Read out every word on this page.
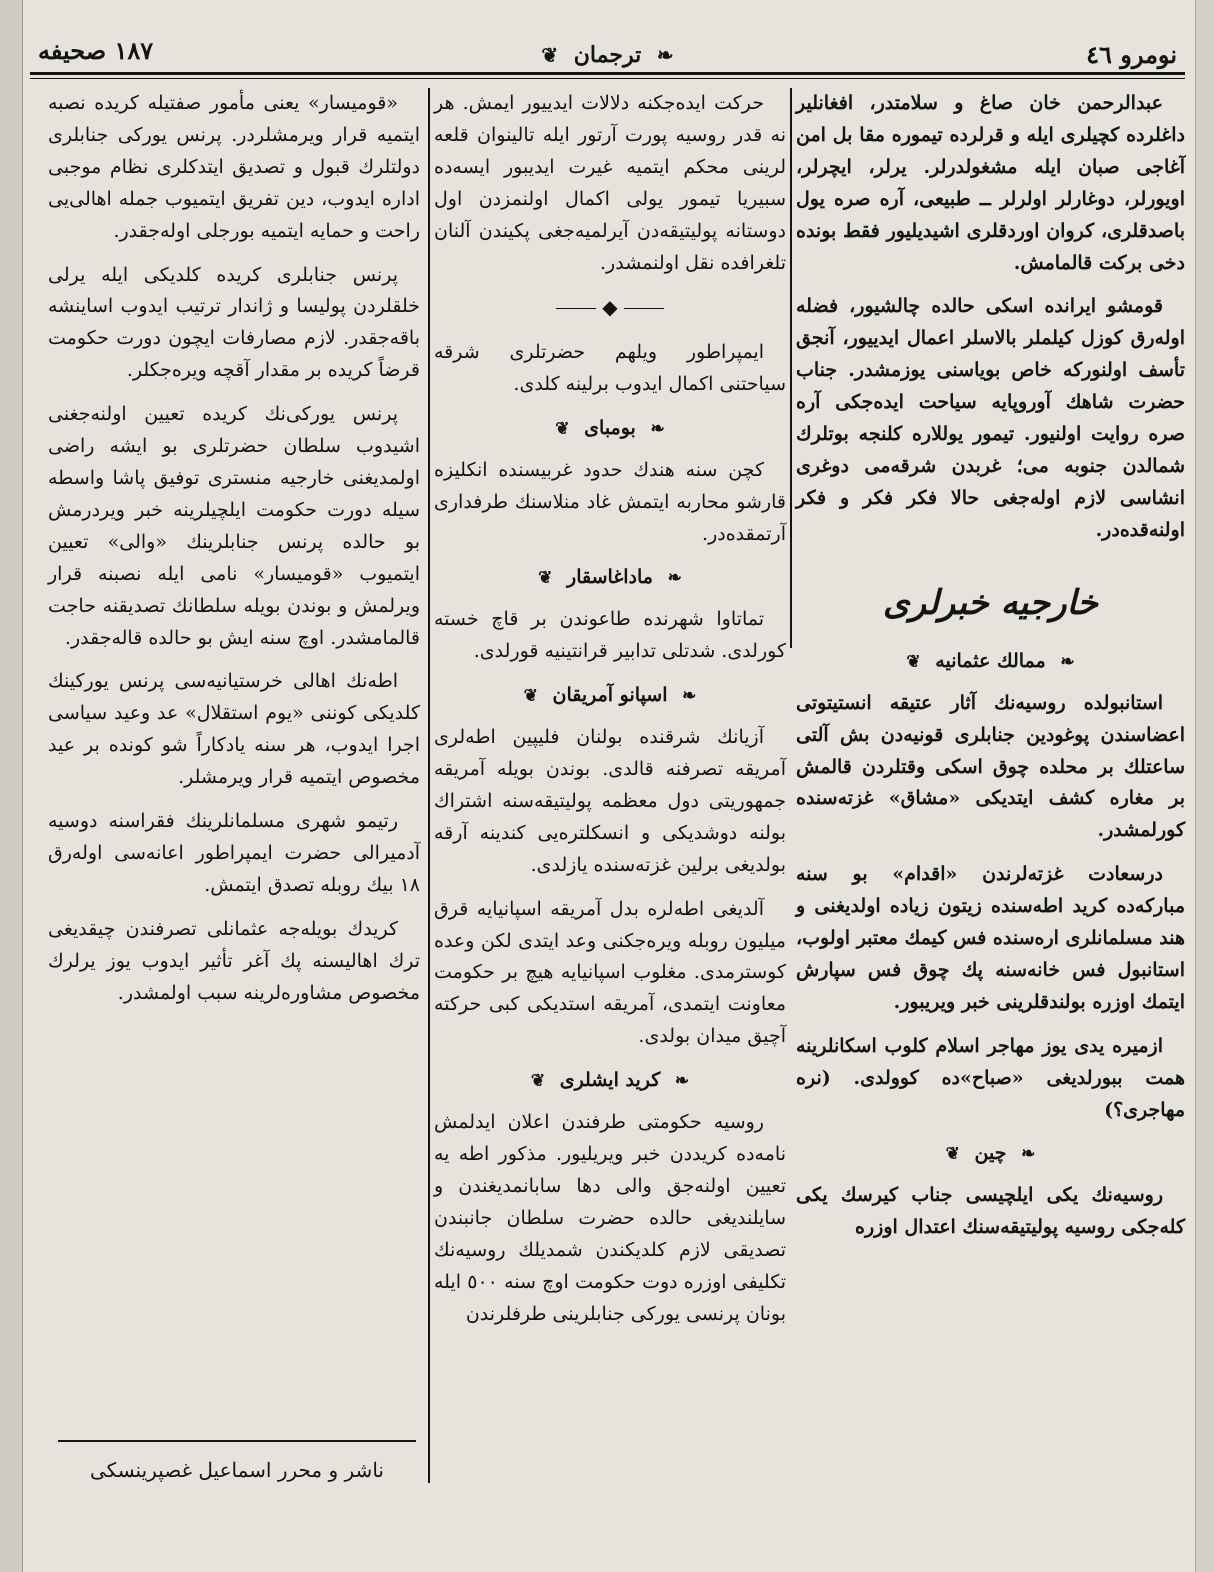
نومرو ٤٦
❧ ترجمان ❦
١٨٧ صحيفه

عبدالرحمن خان صاغ و سلامتدر، افغانلیر داغلرده کچیلری ایله و قرلرده تیموره مقا بل امن آغاجی صبان ایله مشغولدرلر. یرلر، ایچرلر، اویورلر، دوغارلر اولرلر ــ طبیعی، آره صره یول باصدقلری، کروان اوردقلری اشیدیلیور فقط بونده دخی برکت قالمامش.

قومشو ایرانده اسکی حالده چالشیور، فضله اولەرق کوزل کیلملر بالاسلر اعمال ایدییور، آنجق تأسف اولنورکه خاص بویاسنی یوزمشدر. جناب حضرت شاهك آوروپایه سیاحت ایدەجکی آره صره روایت اولنیور. تیمور یوللاره کلنجه بوتلرك شمالدن جنوبه می؛ غربدن شرقەمی دوغری انشاسی لازم اولەجغی حالا فکر فکر و فکر اولنەقدەدر.

خارجیه خبرلری
❧ ممالك عثمانیه ❦

استانبولده روسیەنك آثار عتیقه انستیتوتی اعضاسندن پوغودین جنابلری قونیەدن بش آلتی ساعتلك بر محلده چوق اسکی وقتلردن قالمش بر مغاره کشف ایتدیکی «مشاق» غزتەسنده کورلمشدر.

درسعادت غزتەلرندن «اقدام» بو سنه مبارکەده کرید اطەسنده زیتون زیاده اولدیغنی و هند مسلمانلری ارەسنده فس کیمك معتبر اولوب، استانبول فس خانەسنه پك چوق فس سپارش ایتمك اوزره بولندقلرینی خبر ویریبور.

ازمیره یدی یوز مهاجر اسلام کلوب اسکانلرینه همت ببورلدیغی «صباح»ده کوولدی. (نره مهاجری؟)

❧ چین ❦

روسیەنك یکی ایلچیسی جناب کیرسك یکی کلەجکی روسیه پولیتیقەسنك اعتدال اوزره

حرکت ایدەجکنه دلالات ایدییور ایمش. هر نه قدر روسیه پورت آرتور ایله تالینوان قلعه لرینی محکم ایتمیه غیرت ایدیبور ایسەده سبیریا تیمور یولی اکمال اولنمزدن اول دوستانه پولیتیقەدن آیرلمیەجغی پکیندن آلنان تلغرافده نقل اولنمشدر.

◆

ایمپراطور ویلهم حضرتلری شرقه سیاحتنی اکمال ایدوب برلینه کلدی.

❧ بومبای ❦

کچن سنه هندك حدود غربیسنده انکلیزه قارشو محاربه ایتمش غاد منلاسنك طرفداری آرتمقدەدر.

❧ ماداغاسقار ❦

تماتاوا شهرنده طاعوندن بر قاچ خسته کورلدی. شدتلی تدابیر قرانتینیه قورلدی.

❧ اسپانو آمریقان ❦

آزیانك شرقنده بولنان فلیپین اطەلری آمریقه تصرفنه قالدی. بوندن بویله آمریقه جمهوریتی دول معظمه پولیتیقەسنه اشتراك بولنه دوشدیکی و انسکلترەیی کندینه آرقه بولدیغی برلین غزتەسنده یازلدی.

آلدیغی اطەلره بدل آمریقه اسپانیایه قرق میلیون روبله ویرەجکنی وعد ایتدی لکن وعده کوسترمدی. مغلوب اسپانیایه هیچ بر حکومت معاونت ایتمدی، آمریقه استدیکی کبی حرکته آچیق میدان بولدی.

❧ کرید ایشلری ❦

روسیه حکومتی طرفندن اعلان ایدلمش نامەده کریددن خبر ویریلیور. مذکور اطه یه تعیین اولنەجق والی دها سابانمدیغندن و سایلندیغی حالده حضرت سلطان جانبندن تصدیقی لازم کلدیکندن شمدیلك روسیەنك تکلیفی اوزره دوت حکومت اوچ سنه ٥٠٠ ایله بونان پرنسی یورکی جنابلرینی طرفلرندن

«قومیسار» یعنی مأمور صفتیله کریده نصبه ایتمیه قرار ویرمشلردر. پرنس یورکی جنابلری دولتلرك قبول و تصدیق ایتدکلری نظام موجبی اداره ایدوب، دین تفریق ایتمیوب جمله اهالی‌یی راحت و حمایه ایتمیه بورجلی اولەجقدر.

پرنس جنابلری کریده کلدیکی ایله یرلی خلقلردن پولیسا و ژاندار ترتیب ایدوب اساینشه باقەجقدر. لازم مصارفات ایچون دورت حکومت قرضاً کریده بر مقدار آقچه ویرەجکلر.

پرنس یورکی‌نك کریده تعیین اولنەجغنی اشیدوب سلطان حضرتلری بو ایشه راضی اولمدیغنی خارجیه منستری توفیق پاشا واسطه سیله دورت حکومت ایلچیلرینه خبر ویردرمش بو حالده پرنس جنابلرینك «والی» تعیین ایتمیوب «قومیسار» نامی ایله نصبنه قرار ویرلمش و بوندن بویله سلطانك تصدیقنه حاجت قالمامشدر. اوچ سنه ایش بو حالده قالەجقدر.

اطەنك اهالی خرستیانیەسی پرنس یورکینك کلدیکی کوننی «یوم استقلال» عد وعید سیاسی اجرا ایدوب، هر سنه یادکاراً شو کونده بر عید مخصوص ایتمیه قرار ویرمشلر.

رتیمو شهری مسلمانلرینك فقراسنه دوسیه آدمیرالی حضرت ایمپراطور اعانەسی اولەرق ١٨ بیك روبله تصدق ایتمش.

کریدك بویلەجه عثمانلی تصرفندن چیقدیغی ترك اهالیسنه پك آغر تأثیر ایدوب یوز یرلرك مخصوص مشاورەلرینه سبب اولمشدر.

ناشر و محرر اسماعیل غصپرینسکی
